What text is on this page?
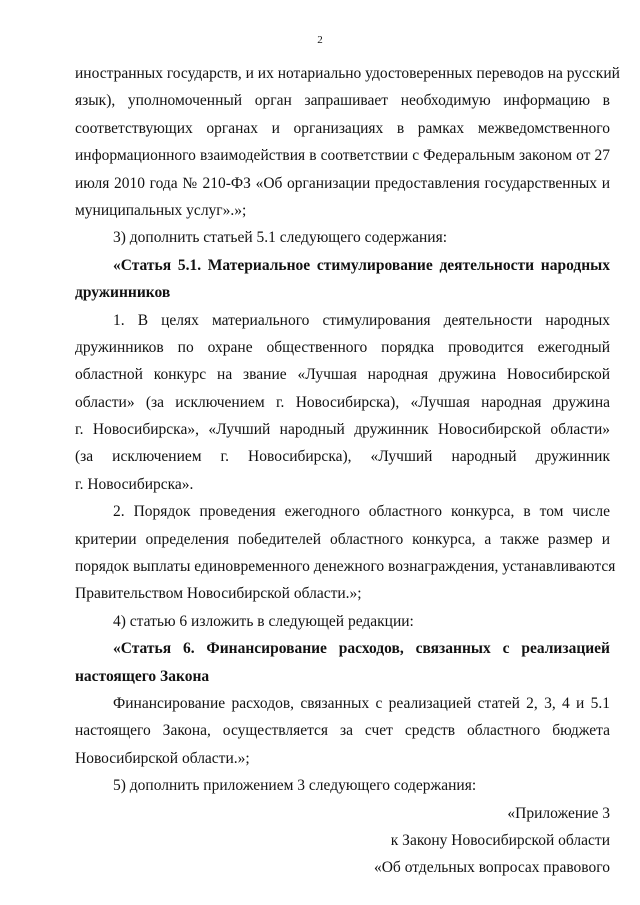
2
иностранных государств, и их нотариально удостоверенных переводов на русский
язык), уполномоченный орган запрашивает необходимую информацию в
соответствующих органах и организациях в рамках межведомственного
информационного взаимодействия в соответствии с Федеральным законом от 27
июля 2010 года № 210-ФЗ «Об организации предоставления государственных и
муниципальных услуг».»;
3) дополнить статьей 5.1 следующего содержания:
«Статья 5.1. Материальное стимулирование деятельности народных
дружинников
1. В целях материального стимулирования деятельности народных
дружинников по охране общественного порядка проводится ежегодный
областной конкурс на звание «Лучшая народная дружина Новосибирской
области» (за исключением г. Новосибирска), «Лучшая народная дружина
г. Новосибирска», «Лучший народный дружинник Новосибирской области»
(за исключением г. Новосибирска), «Лучший народный дружинник
г. Новосибирска».
2. Порядок проведения ежегодного областного конкурса, в том числе
критерии определения победителей областного конкурса, а также размер и
порядок выплаты единовременного денежного вознаграждения, устанавливаются
Правительством Новосибирской области.»;
4) статью 6 изложить в следующей редакции:
«Статья 6. Финансирование расходов, связанных с реализацией
настоящего Закона
Финансирование расходов, связанных с реализацией статей 2, 3, 4 и 5.1
настоящего Закона, осуществляется за счет средств областного бюджета
Новосибирской области.»;
5) дополнить приложением 3 следующего содержания:
«Приложение 3
к Закону Новосибирской области
«Об отдельных вопросах правового
